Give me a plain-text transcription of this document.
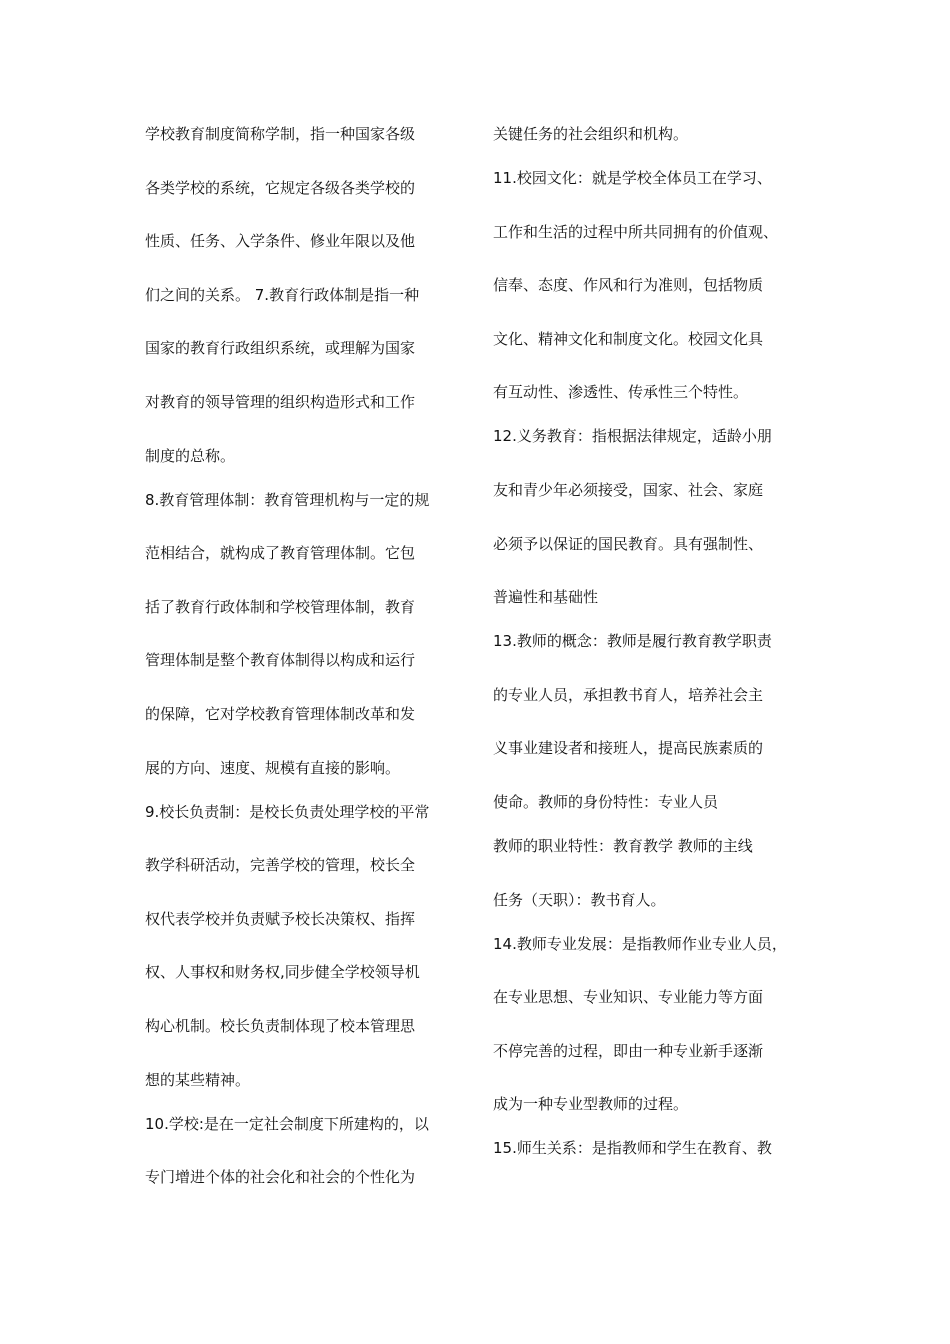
学校教育制度简称学制，指一种国家各级
各类学校的系统，它规定各级各类学校的
性质、任务、入学条件、修业年限以及他
们之间的关系。 7.教育行政体制是指一种
国家的教育行政组织系统，或理解为国家
对教育的领导管理的组织构造形式和工作
制度的总称。
8.教育管理体制：教育管理机构与一定的规
范相结合，就构成了教育管理体制。它包
括了教育行政体制和学校管理体制，教育
管理体制是整个教育体制得以构成和运行
的保障，它对学校教育管理体制改革和发
展的方向、速度、规模有直接的影响。
9.校长负责制：是校长负责处理学校的平常
教学科研活动，完善学校的管理，校长全
权代表学校并负责赋予校长决策权、指挥
权、人事权和财务权,同步健全学校领导机
构心机制。校长负责制体现了校本管理思
想的某些精神。
10.学校:是在一定社会制度下所建构的，以
专门增进个体的社会化和社会的个性化为
关键任务的社会组织和机构。
11.校园文化：就是学校全体员工在学习、
工作和生活的过程中所共同拥有的价值观、
信奉、态度、作风和行为准则，包括物质
文化、精神文化和制度文化。校园文化具
有互动性、渗透性、传承性三个特性。
12.义务教育：指根据法律规定，适龄小朋
友和青少年必须接受，国家、社会、家庭
必须予以保证的国民教育。具有强制性、
普遍性和基础性
13.教师的概念：教师是履行教育教学职责
的专业人员，承担教书育人，培养社会主
义事业建设者和接班人，提高民族素质的
使命。教师的身份特性：专业人员
教师的职业特性：教育教学 教师的主线
任务（天职）：教书育人。
14.教师专业发展：是指教师作业专业人员，
在专业思想、专业知识、专业能力等方面
不停完善的过程，即由一种专业新手逐渐
成为一种专业型教师的过程。
15.师生关系：是指教师和学生在教育、教
